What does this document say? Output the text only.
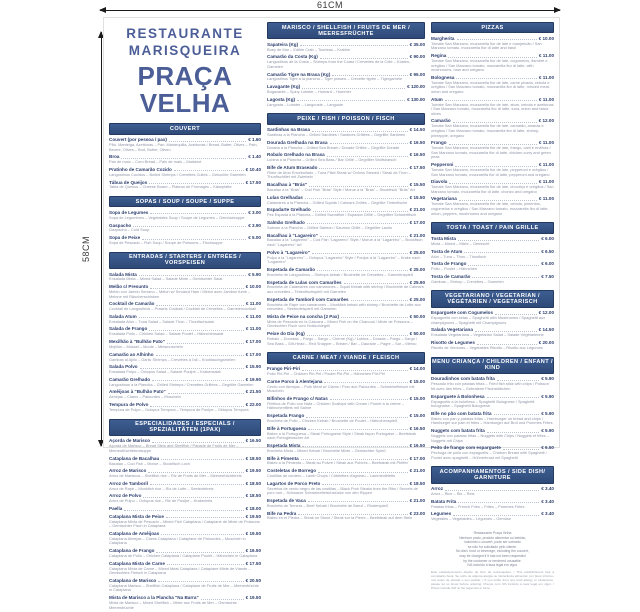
61CM
58CM
RESTAURANTE
MARISQUEIRA
PRAÇA VELHA
COUVERT
Couvert (por pessoa / pax)	€ 1.60
Pão, Manteiga, Azeitonas – Pan, Mantequilla, Aceitunas / Bread, Butter, Olives – Pain, Beurre, Olives – Brot, Butter, Oliven
Broa	€ 1.40
Pan de maíz – Corn Bread – Pain de maïs – Maisbrot
Pratinho de Camarão Cozido	€ 10.40
Langostinos Cocidos – Boiled Shrimps / Crevettes Cuites – Gekochte Garnelen
Tábua de Queijos	€ 17.50
Tabla de Quesos – Cheese Board – Plateau de Fromages – Käseplatte
SOPAS / SOUP / SOUPE / SUPPE
Sopa de Legumes	€ 3.00
Sopa de Legumbres – Vegetables Soup / Soupe de Légumes – Gemüsesuppe
Gaspacho	€ 3.90
Gazpacho – Cold Soup
Sopa de Peixe	€ 5.00
Sopa de Pescado – Fish Soup / Soupe de Poissons – Fischsuppe
ENTRADAS / STARTERS / ENTRÉES / VORSPEISEN
Salada Mista	€ 5.90
Ensalada Mixta – Mixed Salad – Salade Mixte – Gemischter Salat
Melão c/ Presunto	€ 10.00
Melón con Jamón Serrano – Melon w/ Smoked Ham / Melon avec Jambon fumé – Melone mit Räucherschinken
Cocktail de Camarão	€ 11.00
Cocktail de Langostinos – Prawns Cocktail / Cocktail de Crevettes – Garnelencocktail
Salada Atum	€ 11.00
Ensalada Atún – Tuna Salad – Salade Thon – Thunfischsalat
Salada de Frango	€ 11.00
Ensalada Pollo – Chicken Salad – Salade Poulet – Hähnchensalat
Mexilhão à "Bulhão Pato"	€ 17.00
Mejillón – Mussel – Moule – Miesmuscheln
Camarão ao Alhinho	€ 17.00
Gambas al Ajillo – Garlic Shrimps – Crevettes à l'ail – Knoblauchgarnelen
Salada Polvo	€ 15.90
Ensalada Pulpo – Octopus Salad – Salade Poulpe – Krakensalat
Camarão Grelhado	€ 19.90
Langostinos a la Plancha – Grilled Shrimps / Crevettes Grillées – Gegrillte Garnelen
Amêijoas à "Bulhão Pato"	€ 21.50
Almejas – Clams – Palourdes – Muscheln
Tempura de Polvo	€ 22.00
Tempura de Pulpo – Octopus Tempura – Tempura de Poulpe – Oktopus Tempura
ESPECIALIDADES / ESPECIALS / SPEZIALITÄTEN (1PAX)
Açorda de Marisco	€ 16.50
Açorda de Marisco – Bread Stew and Shellfish / Panade de Fruits de Mer – Meeresfrüchtebrotsuppe
Cataplana de Bacalhau	€ 18.50
Bacalao – Cod Fish – Morue – Stockfisch Loch
Arroz de Marisco	€ 19.50
Arroz de Mariscos – Shellfish rice – Riz de Fruits de Mer – Meeresfrüchtereis
Arroz de Tamboril	€ 18.50
Arroz de Rape – Monkfish rice – Riz de Lotte – Seeteufelreis
Arroz de Polvo	€ 18.50
Arroz de Pulpo – Octopus rice – Riz de Poulpe – Krakenreis
Paella	€ 18.00
Cataplana Mista de Peixe	€ 19.50
Cataplana Mixta de Pescado – Mixed Fish Cataplana / Cataplane de Mixte de Poissons – Gemischter Fisch in Cataplana
Cataplana de Amêijoas	€ 19.50
Cataplana Almejas – Clams Cataplana / Cataplane de Palourdes – Muscheln in Cataplana
Cataplana de Frango	€ 16.50
Cataplana de Pollo – Chicken Cataplana / Cataplane Poulet – Hähnchen in Cataplana
Cataplana Mista de Carne	€ 17.50
Cataplana Mixta de Carne – Mixed Meat Cataplana / Cataplane Mixte de Viande – Gemischtes Fleisch in Cataplana
Cataplana de Marisco	€ 20.50
Cataplana Marisco – Shellfish Cataplana / Cataplane de Fruits de Mer – Meeresfrüchte in Cataplana
Mista de Marisco a la Plancha "Na Barra"	€ 19.50
Mixta de Marisco – Mixed Shellfish – Mixte aux Fruits de Mer – Gemischte Meeresfrüchte
MARISCO / SHELLFISH / FRUITS DE MER / MEERESFRÜCHTE
Sapateira (Kg)	€ 35.00
Buey de Mar – Edible Crab – Tourteau – Krabbe
Camarão da Costa (Kg)	€ 90.00
Langostinos de la Costa – Shrimps from the Coast / Crevettes de la Côte – Küsten-Garnelen
Camarão Tigre na Brasa (Kg)	€ 95.00
Langostinos Tigre a la plancha – Tiger prawns – Crevette tigrée – Tigergarnele
Lavagante (Kg)	€ 120.00
Bogavante – Spiny Lobster – Homard – Hummer
Lagosta (Kg)	€ 130.00
Langosta – Lobster – Langouste – Languste
PEIXE / FISH / POISSON / FISCH
Sardinhas na Brasa	€ 14.50
Sardinas a la Plancha – Grilled Sardines / Sardines Grillées – Gegrillte Sardinen
Dourada Grelhada na Brasa	€ 16.50
Dorada a la Plancha – Grilled Sea Bream / Dorade Grillée – Gegrillte Dorade
Robalo Grelhado na Brasa	€ 16.50
Lubina a la Plancha – Grilled Sea Bass / Bar Grillé – Gegrillter Wolfsbarsch
Bife de Atum Braseado	€ 17.50
Filete de Atún Encebollado – Tuna Fillet Steak w/ Onions Stewed / Steak de Thon – Thunfischfilet mit Zwiebeln
Bacalhau à "Brás"	€ 15.50
Bacalao a la "Brás" – Cod Fish "Brás" Style / Morue à la "Brás" – Stockfisch "Brás" Art
Lulas Grelhadas	€ 15.50
Calamares a la Plancha – Grilled Squids / Calmars Grillés – Gegrillte Tintenfische
Espadarte Grelhado	€ 21.00
Pez Espada a la Plancha – Grilled Swordfish / Espadon Grillé – Gegrillter Schwertfisch
Salmão Grelhado	€ 17.00
Salmón a la Plancha – Grilled Salmon / Saumon Grillé – Gegrillter Lachs
Bacalhau à "Lagareiro"	€ 21.00
Bacalao a la "Lagareiro" – Cod Fish "Lagareiro" Style / Morue à la "Lagareiro" – Stockfisch nach "Lagareiro" Art
Polvo à "Lagareiro"	€ 25.00
Pulpo a la "Lagareiro" – Octopus "Lagareiro" Style / Poulpe à la "Lagareiro" – Krake nach "Lagareiro"
Espetada de Camarão	€ 25.00
Brocheta de Langostinos – Shrimps kebab / Brochette de Crevettes – Garnelenspieß
Espetada de Lulas com Camarões	€ 25.90
Brocheta de Calamares con camarones – Squid Kebab with shrimp / Brochette de Calmars aux crevettes – Tintenfischspieß mit Garnelen
Espetada de Tamboril com Camarões	€ 25.00
Brocheta de Rape con camarones – Monkfish kebab with shrimp / Brochette de Lotte aux crevettes – Seeteufelspieß mit Garnelen
Mista de Peixe na concha (2 Pax)	€ 50.00
Mixta de Pescado en la Cáscara – Mixed Fish on the Charcoal / Mixte de Poissons – Gemischter Fisch vom Holzkohlegrill
Peixe do Dia (Kg)	€ 50.00
Robalo – Dourada – Pargo – Sargo – Cherne (Kg) / Lubina – Dorada – Pargo – Sargo / Sea Bass – Gilt-Head – Red Snapper – Bream / Bar – Daurade – Pagre – Sar – Mérou
CARNE / MEAT / VIANDE / FLEISCH
Frango Piri-Piri	€ 14.00
Pollo Piri-Piri – Chicken Piri-Piri / Poulet Piri-Piri – Hähnchen Piri-Piri
Carne Porco à Alentejana	€ 15.00
Cerdo con Almejas – Pork Meat w/ Clams / Porc aux Palourdes – Schweinefleisch mit Muscheln
Bifinhos de Frango c/ Natas	€ 15.00
Filetitos de Pollo con Nata – Chicken Scallops with Cream / Poulet à la crème – Hähnchenfilets mit Sahne
Espetada Frango	€ 15.00
Brocheta de Pollo – Chicken Kebab / Brochette de Poulet – Hähnchenspieß
Bife à Portuguesa	€ 16.50
Bistec a la Portuguesa – Steak Portuguese Style / Steak façon Portugaise – Beefsteak nach Portugiesischer Art
Espetada Mista	€ 16.50
Brocheta Mixta – Mixed Kebab / Brochette Mixte – Gemischter Spieß
Bife à Pimenta	€ 17.00
Bistec a la Pimienta – Steak au Poivre / Steak aux Poivres – Beefsteak mit Pfeffer
Costeletas de Borrego	€ 21.00
Costillas de cordero – Lamb Chops / Côtelettes d'agneau – Lammkoteletts
Lagartos de Porco Preto	€ 18.50
Secretos de cerdo negro de las costillas – Black Pork Steaks from the Ribs / Secrets de porc noir – Schwarze Schweinefleischstücke von den Rippen
Espetada de Vaca	€ 21.00
Brocheta de Ternera – Beef Kebab / Brochette de Bœuf – Rinderspieß
Bife na Pedra	€ 23.00
Bistec en el Piedra – Steak on Stone / Steak sur la Pierre – Beefsteak auf dem Stein
PIZZAS
Margherita	€ 10.00
Tomate San Marzano, mozzarella fior de late e manjericão / San Marzano tomato, mozzarella fior di latte and basil
Regina	€ 11.00
Tomate San Marzano, mozzarella fior de late, cogumelos, fiambre e orégãos / San Marzano tomato, mozzarella fior di latte, with mushrooms, ham and oregano
Bolognesa	€ 11.00
Tomate San Marzano, mozzarella fior de late, carne picada, cebola e orégãos / San Marzano tomato, mozzarella fior di latte, minced meat, onion and oregano
Atum	€ 11.00
Tomate San Marzano, mozzarella fior de late, atum, cebola e azeitonas / San Marzano tomato, mozzarella fior di latte, tuna, onion and black olives
Camarão	€ 12.00
Tomate San Marzano, mozzarella fior de late, camarão, ananás e orégãos / San Marzano tomato, mozzarella fior di latte, shrimp, pineapple, oregano
Frango	€ 11.00
Tomate San Marzano, mozzarella fior de late, frango, caril e ervilhas / San Marzano tomato, mozzarella fior di latte, chicken curry and green peas
Pepperoni	€ 11.00
Tomate San Marzano, mozzarella fior de late, pepperoni e orégãos / San Marzano tomato, mozzarella fior di latte, pepperoni and oregano
Diavola	€ 11.00
Tomate San Marzano, mozzarella fior de late, chouriço e orégãos / San Marzano tomato, mozzarella fior di latte, chorizo and oregano
Vegetariana	€ 11.00
Tomate San Marzano, mozzarella fior de late, cebola, pimentos, cogumelos e orégãos / San Marzano tomato, mozzarella fior di latte, onion, peppers, mushrooms and oregano
TOSTA / TOAST / PAIN GRILLE
Tosta Mista	€ 6.00
Mixta – Mixed – Mixte – Gemischt
Tosta de Atum	€ 6.50
Atún – Tuna – Thon – Thunfisch
Tosta de Frango	€ 6.00
Pollo – Poulet – Hähnchen
Tosta de Camarão	€ 7.50
Gambas – Shrimp – Crevettes – Garnelen
VEGETARIANO / VEGETARIAN / VÉGÉTARIEN / VEGETARISCH
Esparguete com Cogumelos	€ 12.00
Espaguetis con setas – Spaghetti with Mushrooms / Spaghetti aux champignons – Spaghetti mit Champignons
Salada Vegetariana	€ 14.50
Ensalada Vegetariana – Vegetarian Salad – Salade Végétarienne
Risotto de Legumes	€ 20.00
Risotto de Verduras – Vegetables Risotto – Risotto aux Légumes
MENU CRIANÇA / CHILDREN / ENFANT / KIND
Douradinhos com batata frita	€ 5.90
Pescado frito con patatas fritas – Fried fish stick with chips / Poisson frit avec des frites – Gebratene Fischstäbchen
Esparguete à Bolonhesa	€ 5.90
Espaguetis a la boloñesa – Spaghetti Bolognese / Spaghetti bolognaise – Spaghetti Bolognese
Bife no pão com batata frita	€ 5.90
Bistec con pan y patatas fritas – Hamburger on bread and chips / Hamburger sur pain et frites – Hamburger auf Brot und Pommes Frites
Nuggets com batata frita	€ 5.90
Nuggets con patatas fritas – Nuggets with Chips / Nuggets et frites – Nuggets mit Chips
Peito de frango com esparguete	€ 6.50
Pechuga de pollo con espaguetis – Chicken Breast with Spaghetti / Poulet avec spaghetti – Hühnerbrust mit Spaghetti
ACOMPANHAMENTOS / SIDE DISH/ GARNITURE
Arroz	€ 3.40
Arroz – Rice – Riz – Reis
Batata Frita	€ 3.40
Patatas fritas – French Fries – Frites – Pommes Frites
Legumes	€ 3.40
Vegetales – Vegetables – Légumes – Gemüse
Restaurante Praça Velha
Nenhum prato, produto alimentar ou bebida,
incluindo o couvert, pode ser cobrado
se não for solicitado pelo cliente.
No dish, food or beverage, including the couvert,
may be charged if it has not been requested
by the customer or rendered unusable.
IVA incluído à taxa legal em vigor.
Este estabelecimento dispõe de livro de reclamações. / This establishment has a complaints book. Se sofre de alguma alergia ou intolerância alimentar, por favor informe-nos antes de efetuar o seu pedido. / If you suffer from any food allergy or intolerance, please let us know before ordering. Preços com IVA incluído à taxa legal em vigor. / Prices include VAT at the legal rate in force.
